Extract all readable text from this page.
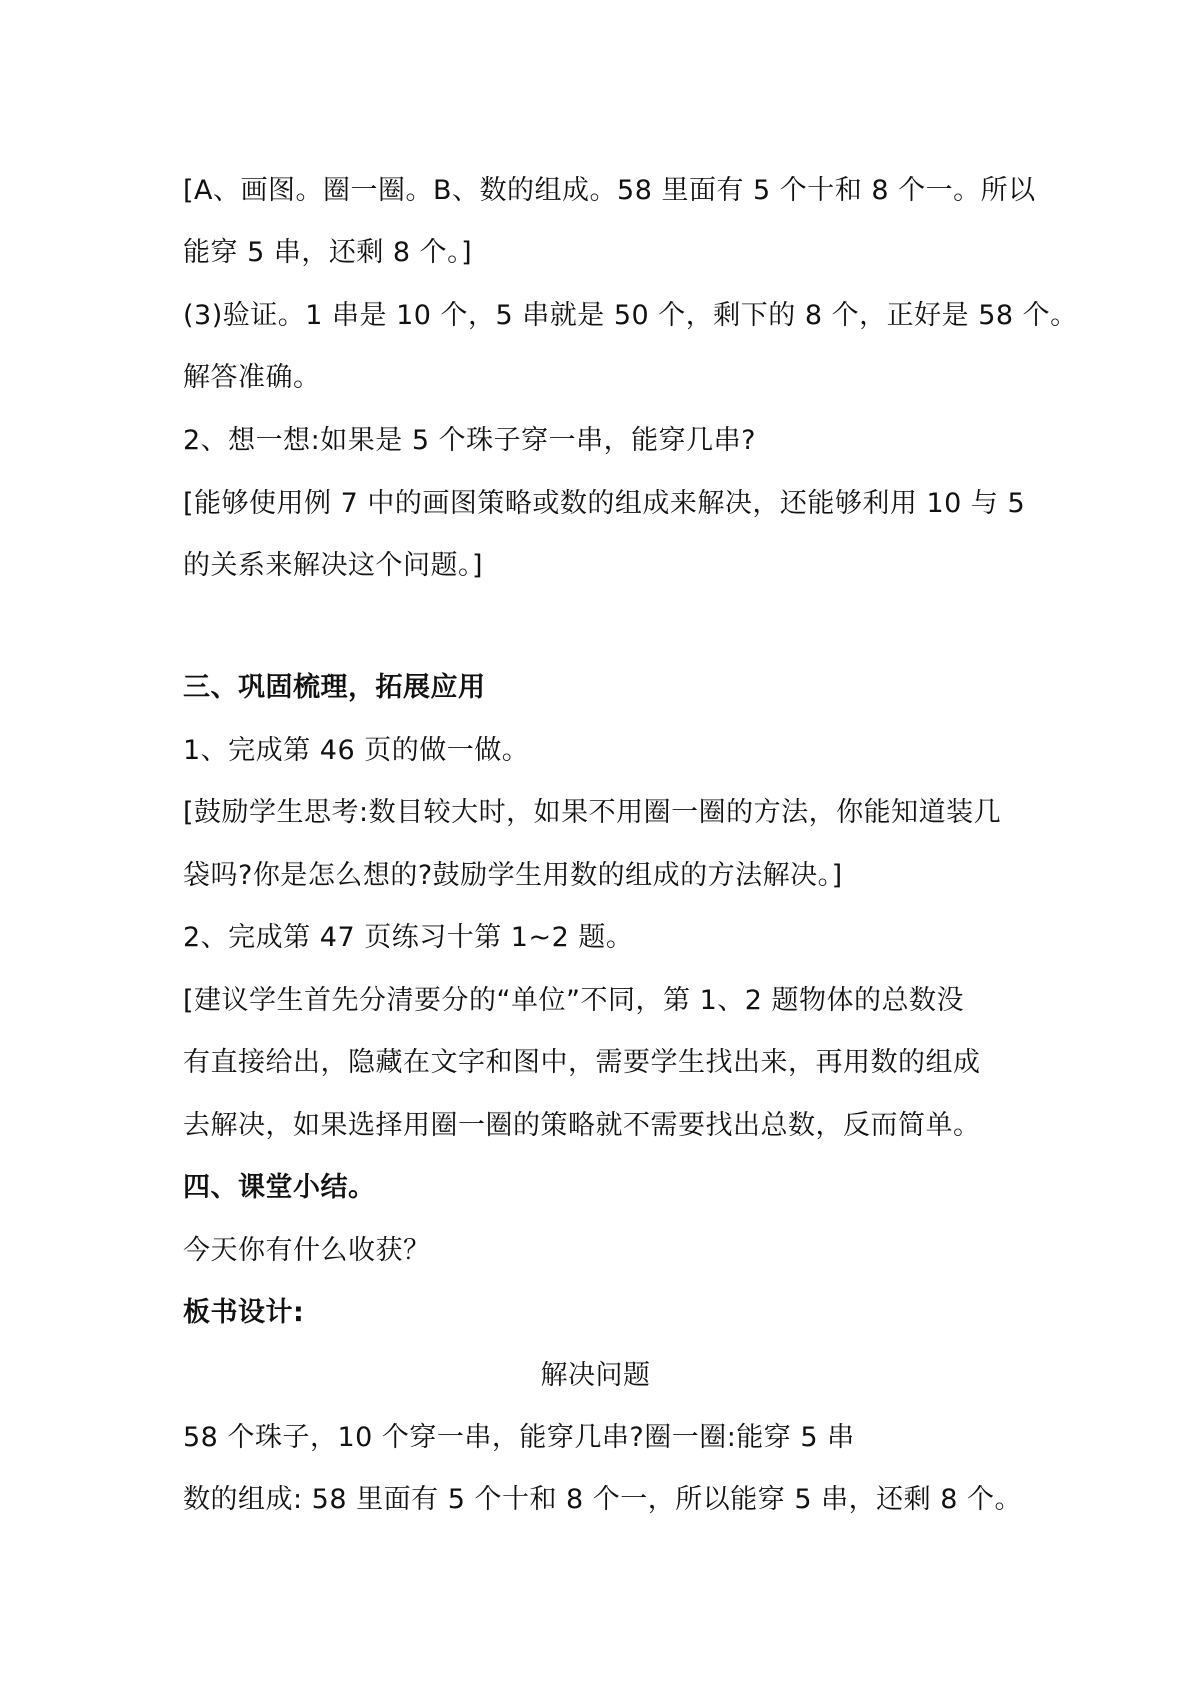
[A、画图。圈一圈。B、数的组成。58 里面有 5 个十和 8 个一。所以
能穿 5 串，还剩 8 个。]
(3)验证。1 串是 10 个，5 串就是 50 个，剩下的 8 个，正好是 58 个。
解答准确。
2、想一想:如果是 5 个珠子穿一串，能穿几串?
[能够使用例 7 中的画图策略或数的组成来解决，还能够利用 10 与 5
的关系来解决这个问题。]
三、巩固梳理，拓展应用
1、完成第 46 页的做一做。
[鼓励学生思考:数目较大时，如果不用圈一圈的方法，你能知道装几
袋吗?你是怎么想的?鼓励学生用数的组成的方法解决。]
2、完成第 47 页练习十第 1~2 题。
[建议学生首先分清要分的“单位”不同，第 1、2 题物体的总数没
有直接给出，隐藏在文字和图中，需要学生找出来，再用数的组成
去解决，如果选择用圈一圈的策略就不需要找出总数，反而简单。
四、课堂小结。
今天你有什么收获？
板书设计:
解决问题
58 个珠子，10 个穿一串，能穿几串?圈一圈:能穿 5 串
数的组成: 58 里面有 5 个十和 8 个一，所以能穿 5 串，还剩 8 个。
